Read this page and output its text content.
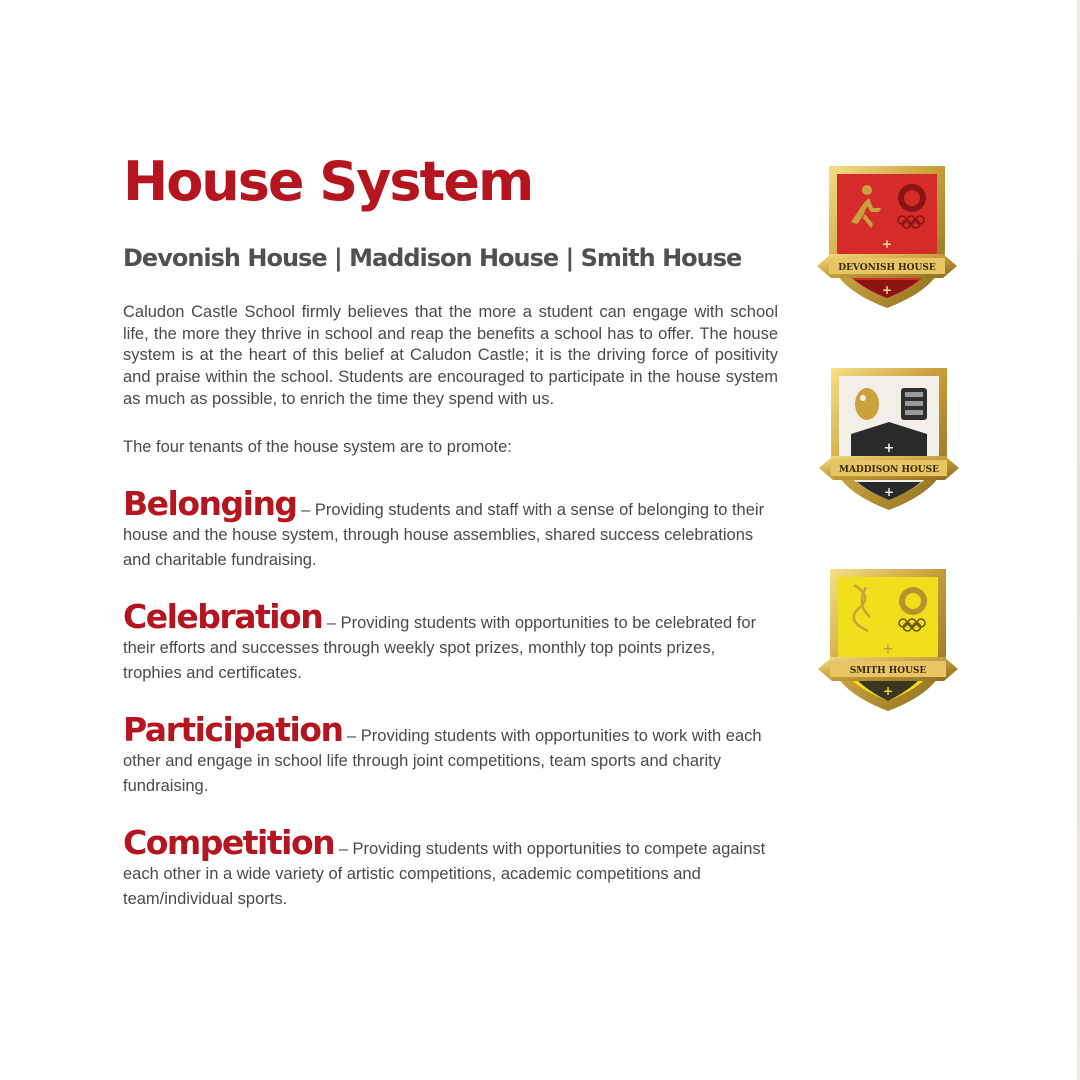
House System
Devonish House | Maddison House | Smith House

Caludon Castle School firmly believes that the more a student can engage with school life, the more they thrive in school and reap the benefits a school has to offer. The house system is at the heart of this belief at Caludon Castle; it is the driving force of positivity and praise within the school. Students are encouraged to participate in the house system as much as possible, to enrich the time they spend with us.

The four tenants of the house system are to promote:

Belonging – Providing students and staff with a sense of belonging to their house and the house system, through house assemblies, shared success celebrations and charitable fundraising.

Celebration – Providing students with opportunities to be celebrated for their efforts and successes through weekly spot prizes, monthly top points prizes, trophies and certificates.

Participation – Providing students with opportunities to work with each other and engage in school life through joint competitions, team sports and charity fundraising.

Competition – Providing students with opportunities to compete against each other in a wide variety of artistic competitions, academic competitions and team/individual sports.

+
+
DEVONISH HOUSE
+
+
MADDISON HOUSE
+
+
SMITH HOUSE
